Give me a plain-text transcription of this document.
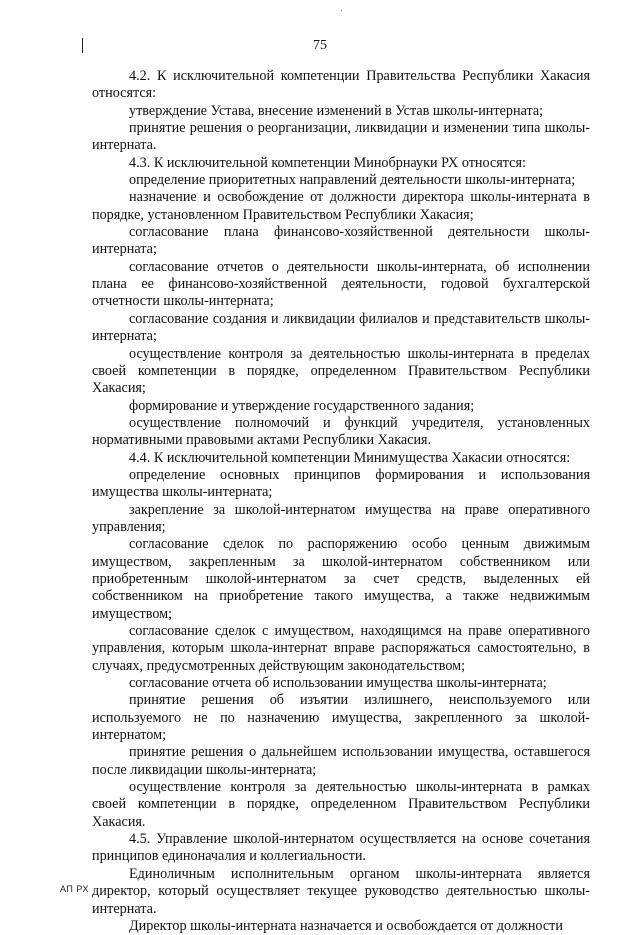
75

4.2. К исключительной компетенции Правительства Республики Хакасия относятся:

утверждение Устава, внесение изменений в Устав школы-интерната;

принятие решения о реорганизации, ликвидации и изменении типа школы-интерната.

4.3. К исключительной компетенции Минобрнауки РХ относятся:

определение приоритетных направлений деятельности школы-интерната;

назначение и освобождение от должности директора школы-интерната в порядке, установленном Правительством Республики Хакасия;

согласование плана финансово-хозяйственной деятельности школы-интерната;

согласование отчетов о деятельности школы-интерната, об исполнении плана ее финансово-хозяйственной деятельности, годовой бухгалтерской отчетности школы-интерната;

согласование создания и ликвидации филиалов и представительств школы-интерната;

осуществление контроля за деятельностью школы-интерната в пределах своей компетенции в порядке, определенном Правительством Республики Хакасия;

формирование и утверждение государственного задания;

осуществление полномочий и функций учредителя, установленных нормативными правовыми актами Республики Хакасия.

4.4. К исключительной компетенции Минимущества Хакасии относятся:

определение основных принципов формирования и использования имущества школы-интерната;

закрепление за школой-интернатом имущества на праве оперативного управления;

согласование сделок по распоряжению особо ценным движимым имуществом, закрепленным за школой-интернатом собственником или приобретенным школой-интернатом за счет средств, выделенных ей собственником на приобретение такого имущества, а также недвижимым имуществом;

согласование сделок с имуществом, находящимся на праве оперативного управления, которым школа-интернат вправе распоряжаться самостоятельно, в случаях, предусмотренных действующим законодательством;

согласование отчета об использовании имущества школы-интерната;

принятие решения об изъятии излишнего, неиспользуемого или используемого не по назначению имущества, закрепленного за школой-интернатом;

принятие решения о дальнейшем использовании имущества, оставшегося после ликвидации школы-интерната;

осуществление контроля за деятельностью школы-интерната в рамках своей компетенции в порядке, определенном Правительством Республики Хакасия.

4.5. Управление школой-интернатом осуществляется на основе сочетания принципов единоначалия и коллегиальности.

Единоличным исполнительным органом школы-интерната является директор, который осуществляет текущее руководство деятельностью школы-интерната.

Директор школы-интерната назначается и освобождается от должности

АП РХ
